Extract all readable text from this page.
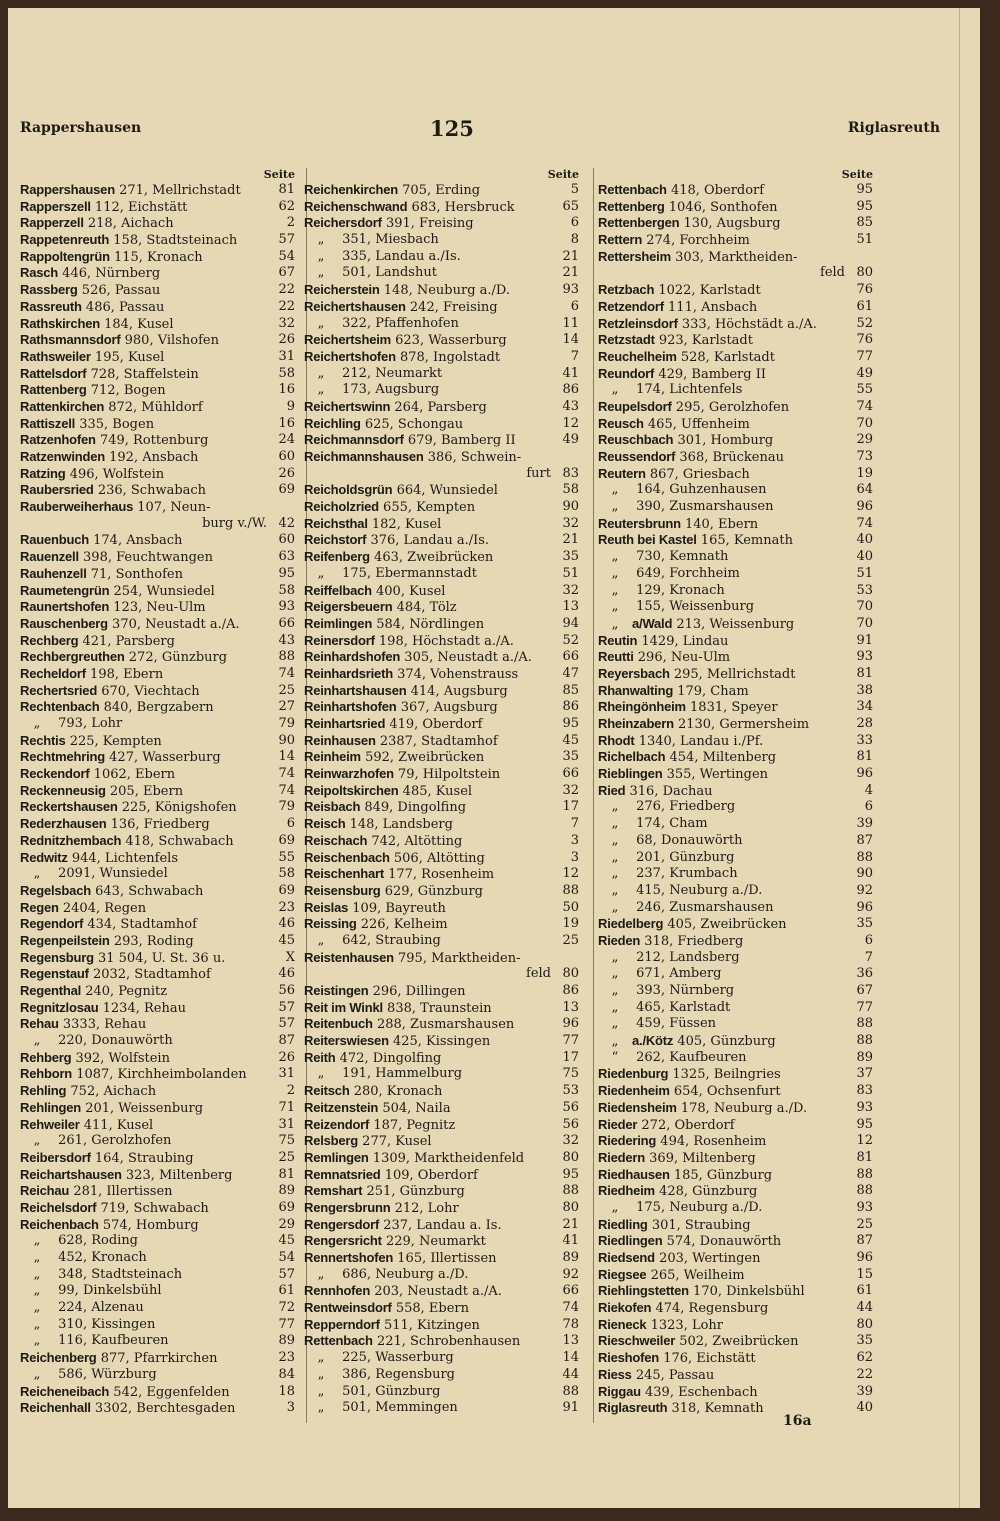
Rappershausen	125	Riglasreuth
Seite
Rappershausen 271, Mellrichstadt	81
Rapperszell 112, Eichstätt	62
Rapperzell 218, Aichach	2
Rappetenreuth 158, Stadtsteinach	57
Rappoltengrün 115, Kronach	54
Rasch 446, Nürnberg	67
Rassberg 526, Passau	22
Rassreuth 486, Passau	22
Rathskirchen 184, Kusel	32
Rathsmannsdorf 980, Vilshofen	26
Rathsweiler 195, Kusel	31
Rattelsdorf 728, Staffelstein	58
Rattenberg 712, Bogen	16
Rattenkirchen 872, Mühldorf	9
Rattiszell 335, Bogen	16
Ratzenhofen 749, Rottenburg	24
Ratzenwinden 192, Ansbach	60
Ratzing 496, Wolfstein	26
Raubersried 236, Schwabach	69
Rauberweiherhaus 107, Neun-
burg v./W. 42
Rauenbuch 174, Ansbach	60
Rauenzell 398, Feuchtwangen	63
Rauhenzell 71, Sonthofen	95
Raumetengrün 254, Wunsiedel	58
Raunertshofen 123, Neu-Ulm	93
Rauschenberg 370, Neustadt a./A.	66
Rechberg 421, Parsberg	43
Rechbergreuthen 272, Günzburg	88
Recheldorf 198, Ebern	74
Rechertsried 670, Viechtach	25
Rechtenbach 840, Bergzabern	27
„ 793, Lohr	79
Rechtis 225, Kempten	90
Rechtmehring 427, Wasserburg	14
Reckendorf 1062, Ebern	74
Reckenneusig 205, Ebern	74
Reckertshausen 225, Königshofen	79
Rederzhausen 136, Friedberg	6
Rednitzhembach 418, Schwabach	69
Redwitz 944, Lichtenfels	55
„ 2091, Wunsiedel	58
Regelsbach 643, Schwabach	69
Regen 2404, Regen	23
Regendorf 434, Stadtamhof	46
Regenpeilstein 293, Roding	45
Regensburg 31 504, U. St. 36 u.	X
Regenstauf 2032, Stadtamhof	46
Regenthal 240, Pegnitz	56
Regnitzlosau 1234, Rehau	57
Rehau 3333, Rehau	57
„ 220, Donauwörth	87
Rehberg 392, Wolfstein	26
Rehborn 1087, Kirchheimbolanden	31
Rehling 752, Aichach	2
Rehlingen 201, Weissenburg	71
Rehweiler 411, Kusel	31
„ 261, Gerolzhofen	75
Reibersdorf 164, Straubing	25
Reichartshausen 323, Miltenberg	81
Reichau 281, Illertissen	89
Reichelsdorf 719, Schwabach	69
Reichenbach 574, Homburg	29
„ 628, Roding	45
„ 452, Kronach	54
„ 348, Stadtsteinach	57
„ 99, Dinkelsbühl	61
„ 224, Alzenau	72
„ 310, Kissingen	77
„ 116, Kaufbeuren	89
Reichenberg 877, Pfarrkirchen	23
„ 586, Würzburg	84
Reicheneibach 542, Eggenfelden	18
Reichenhall 3302, Berchtesgaden	3
Seite
Reichenkirchen 705, Erding	5
Reichenschwand 683, Hersbruck	65
Reichersdorf 391, Freising	6
„ 351, Miesbach	8
„ 335, Landau a./Is.	21
„ 501, Landshut	21
Reicherstein 148, Neuburg a./D.	93
Reichertshausen 242, Freising	6
„ 322, Pfaffenhofen	11
Reichertsheim 623, Wasserburg	14
Reichertshofen 878, Ingolstadt	7
„ 212, Neumarkt	41
„ 173, Augsburg	86
Reichertswinn 264, Parsberg	43
Reichling 625, Schongau	12
Reichmannsdorf 679, Bamberg II	49
Reichmannshausen 386, Schwein-
furt 83
Reicholdsgrün 664, Wunsiedel	58
Reicholzried 655, Kempten	90
Reichsthal 182, Kusel	32
Reichstorf 376, Landau a./Is.	21
Reifenberg 463, Zweibrücken	35
„ 175, Ebermannstadt	51
Reiffelbach 400, Kusel	32
Reigersbeuern 484, Tölz	13
Reimlingen 584, Nördlingen	94
Reinersdorf 198, Höchstadt a./A.	52
Reinhardshofen 305, Neustadt a./A.	66
Reinhardsrieth 374, Vohenstrauss	47
Reinhartshausen 414, Augsburg	85
Reinhartshofen 367, Augsburg	86
Reinhartsried 419, Oberdorf	95
Reinhausen 2387, Stadtamhof	45
Reinheim 592, Zweibrücken	35
Reinwarzhofen 79, Hilpoltstein	66
Reipoltskirchen 485, Kusel	32
Reisbach 849, Dingolfing	17
Reisch 148, Landsberg	7
Reischach 742, Altötting	3
Reischenbach 506, Altötting	3
Reischenhart 177, Rosenheim	12
Reisensburg 629, Günzburg	88
Reislas 109, Bayreuth	50
Reissing 226, Kelheim	19
„ 642, Straubing	25
Reistenhausen 795, Marktheiden-
feld 80
Reistingen 296, Dillingen	86
Reit im Winkl 838, Traunstein	13
Reitenbuch 288, Zusmarshausen	96
Reiterswiesen 425, Kissingen	77
Reith 472, Dingolfing	17
„ 191, Hammelburg	75
Reitsch 280, Kronach	53
Reitzenstein 504, Naila	56
Reizendorf 187, Pegnitz	56
Relsberg 277, Kusel	32
Remlingen 1309, Marktheidenfeld	80
Remnatsried 109, Oberdorf	95
Remshart 251, Günzburg	88
Rengersbrunn 212, Lohr	80
Rengersdorf 237, Landau a. Is.	21
Rengersricht 229, Neumarkt	41
Rennertshofen 165, Illertissen	89
„ 686, Neuburg a./D.	92
Rennhofen 203, Neustadt a./A.	66
Rentweinsdorf 558, Ebern	74
Repperndorf 511, Kitzingen	78
Rettenbach 221, Schrobenhausen	13
„ 225, Wasserburg	14
„ 386, Regensburg	44
„ 501, Günzburg	88
„ 501, Memmingen	91
Seite
Rettenbach 418, Oberdorf	95
Rettenberg 1046, Sonthofen	95
Rettenbergen 130, Augsburg	85
Rettern 274, Forchheim	51
Rettersheim 303, Marktheiden-
feld 80
Retzbach 1022, Karlstadt	76
Retzendorf 111, Ansbach	61
Retzleinsdorf 333, Höchstädt a./A.	52
Retzstadt 923, Karlstadt	76
Reuchelheim 528, Karlstadt	77
Reundorf 429, Bamberg II	49
„ 174, Lichtenfels	55
Reupelsdorf 295, Gerolzhofen	74
Reusch 465, Uffenheim	70
Reuschbach 301, Homburg	29
Reussendorf 368, Brückenau	73
Reutern 867, Griesbach	19
„ 164, Guhzenhausen	64
„ 390, Zusmarshausen	96
Reutersbrunn 140, Ebern	74
Reuth bei Kastel 165, Kemnath	40
„ 730, Kemnath	40
„ 649, Forchheim	51
„ 129, Kronach	53
„ 155, Weissenburg	70
„ a/Wald 213, Weissenburg	70
Reutin 1429, Lindau	91
Reutti 296, Neu-Ulm	93
Reyersbach 295, Mellrichstadt	81
Rhanwalting 179, Cham	38
Rheingönheim 1831, Speyer	34
Rheinzabern 2130, Germersheim	28
Rhodt 1340, Landau i./Pf.	33
Richelbach 454, Miltenberg	81
Rieblingen 355, Wertingen	96
Ried 316, Dachau	4
„ 276, Friedberg	6
„ 174, Cham	39
„ 68, Donauwörth	87
„ 201, Günzburg	88
„ 237, Krumbach	90
„ 415, Neuburg a./D.	92
„ 246, Zusmarshausen	96
Riedelberg 405, Zweibrücken	35
Rieden 318, Friedberg	6
„ 212, Landsberg	7
„ 671, Amberg	36
„ 393, Nürnberg	67
„ 465, Karlstadt	77
„ 459, Füssen	88
„ a./Kötz 405, Günzburg	88
“ 262, Kaufbeuren	89
Riedenburg 1325, Beilngries	37
Riedenheim 654, Ochsenfurt	83
Riedensheim 178, Neuburg a./D.	93
Rieder 272, Oberdorf	95
Riedering 494, Rosenheim	12
Riedern 369, Miltenberg	81
Riedhausen 185, Günzburg	88
Riedheim 428, Günzburg	88
„ 175, Neuburg a./D.	93
Riedling 301, Straubing	25
Riedlingen 574, Donauwörth	87
Riedsend 203, Wertingen	96
Riegsee 265, Weilheim	15
Riehlingstetten 170, Dinkelsbühl	61
Riekofen 474, Regensburg	44
Rieneck 1323, Lohr	80
Rieschweiler 502, Zweibrücken	35
Rieshofen 176, Eichstätt	62
Riess 245, Passau	22
Riggau 439, Eschenbach	39
Riglasreuth 318, Kemnath	40
16a
